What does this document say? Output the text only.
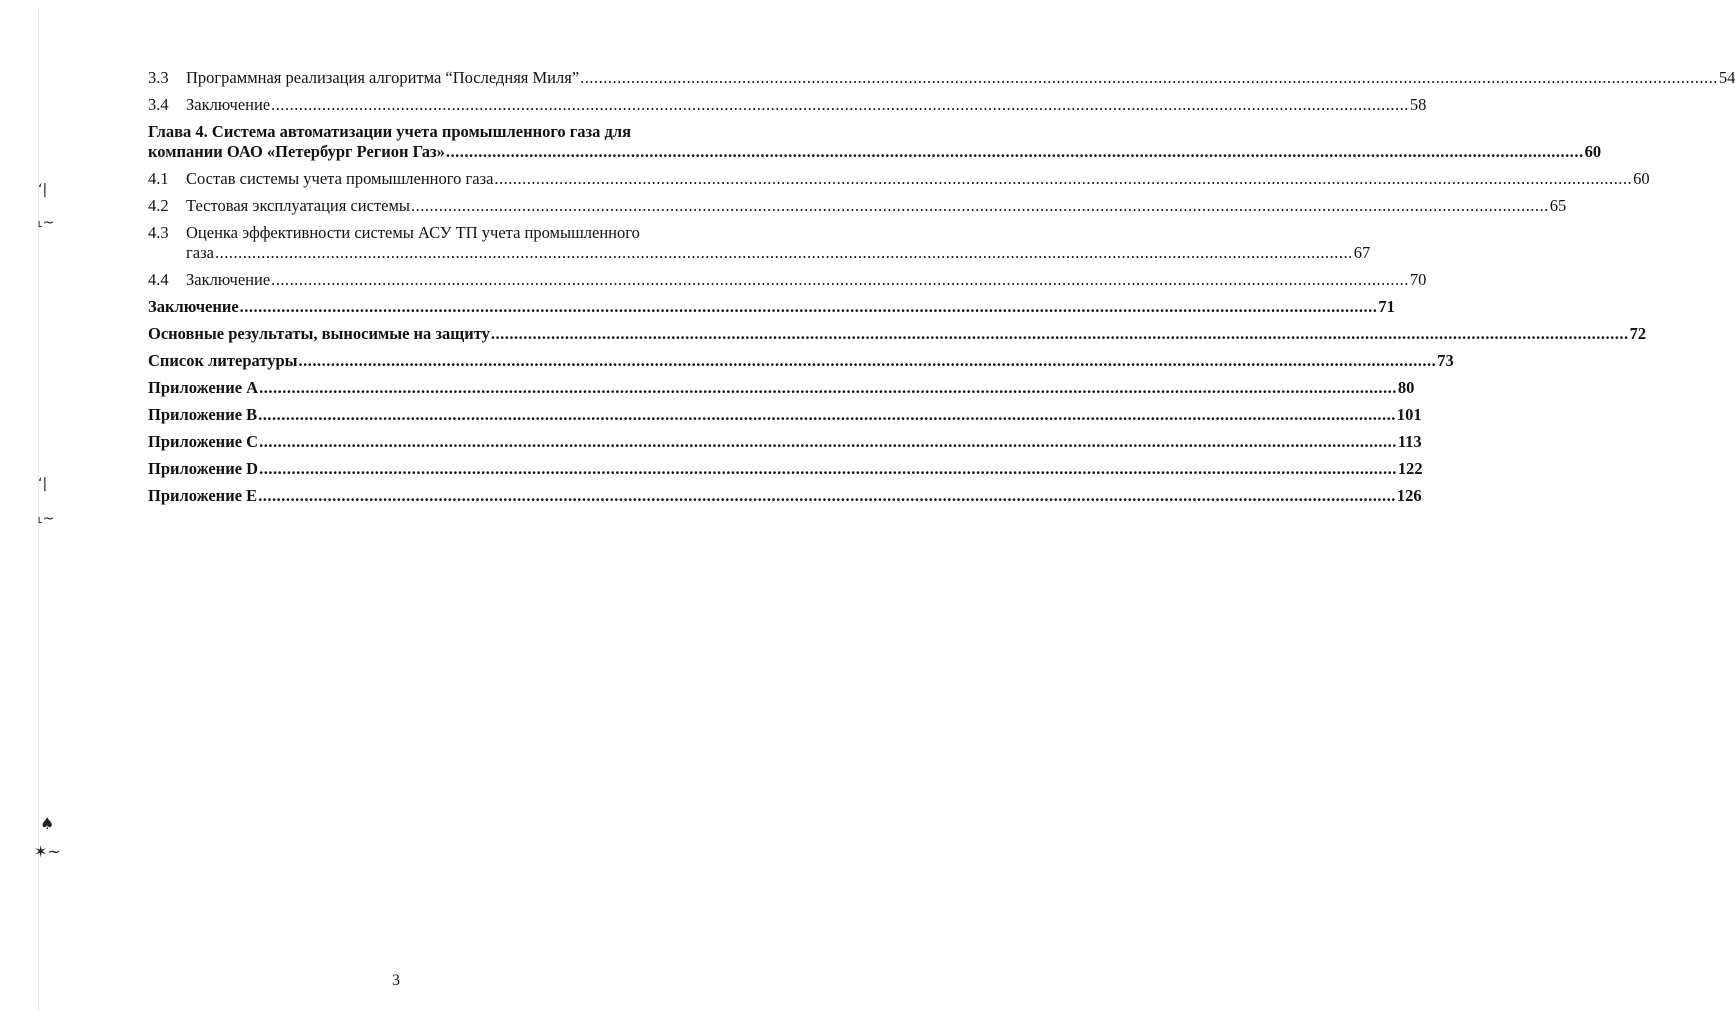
ʻ|
˪~
ʻ|
˪~
♠
✶~
3.3	Программная реализация алгоритма “Последняя Миля” .....	54
3.4	Заключение .....	58
Глава 4. Система автоматизации учета промышленного газа для
компании ОАО «Петербург Регион Газ» .....	60
4.1	Состав системы учета промышленного газа .....	60
4.2	Тестовая эксплуатация системы .....	65
4.3	Оценка эффективности системы АСУ ТП учета промышленного
газа .....	67
4.4	Заключение .....	70
Заключение .....	71
Основные результаты, выносимые на защиту .....	72
Список литературы .....	73
Приложение A .....	80
Приложение B .....	101
Приложение C .....	113
Приложение D .....	122
Приложение E .....	126
3
